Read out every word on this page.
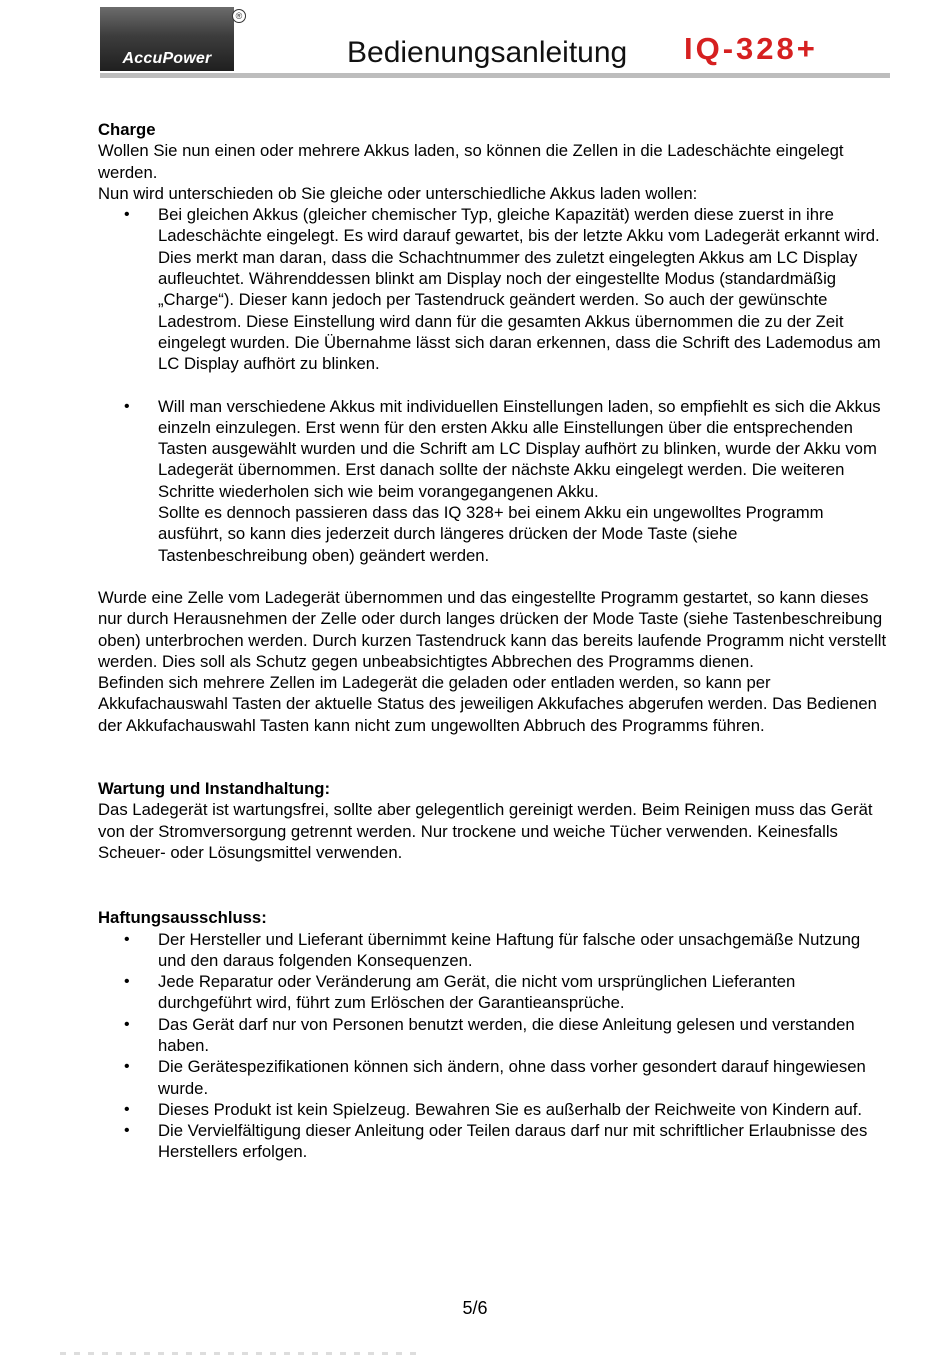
®
AccuPower	Bedienungsanleitung IQ-328+

Charge

Wollen Sie nun einen oder mehrere Akkus laden, so können die Zellen in die Ladeschächte eingelegt werden.

Nun wird unterschieden ob Sie gleiche oder unterschiedliche Akkus laden wollen:

• Bei gleichen Akkus (gleicher chemischer Typ, gleiche Kapazität) werden diese zuerst in ihre Ladeschächte eingelegt. Es wird darauf gewartet, bis der letzte Akku vom Ladegerät erkannt wird. Dies merkt man daran, dass die Schachtnummer des zuletzt eingelegten Akkus am LC Display aufleuchtet. Währenddessen blinkt am Display noch der eingestellte Modus (standardmäßig „Charge“). Dieser kann jedoch per Tastendruck geändert werden. So auch der gewünschte Ladestrom. Diese Einstellung wird dann für die gesamten Akkus übernommen die zu der Zeit eingelegt wurden. Die Übernahme lässt sich daran erkennen, dass die Schrift des Lademodus am LC Display aufhört zu blinken.
• Will man verschiedene Akkus mit individuellen Einstellungen laden, so empfiehlt es sich die Akkus einzeln einzulegen. Erst wenn für den ersten Akku alle Einstellungen über die entsprechenden Tasten ausgewählt wurden und die Schrift am LC Display aufhört zu blinken, wurde der Akku vom Ladegerät übernommen. Erst danach sollte der nächste Akku eingelegt werden. Die weiteren Schritte wiederholen sich wie beim vorangegangenen Akku.

Sollte es dennoch passieren dass das IQ 328+ bei einem Akku ein ungewolltes Programm ausführt, so kann dies jederzeit durch längeres drücken der Mode Taste (siehe Tastenbeschreibung oben) geändert werden.

Wurde eine Zelle vom Ladegerät übernommen und das eingestellte Programm gestartet, so kann dieses nur durch Herausnehmen der Zelle oder durch langes drücken der Mode Taste (siehe Tastenbeschreibung oben) unterbrochen werden. Durch kurzen Tastendruck kann das bereits laufende Programm nicht verstellt werden. Dies soll als Schutz gegen unbeabsichtigtes Abbrechen des Programms dienen.

Befinden sich mehrere Zellen im Ladegerät die geladen oder entladen werden, so kann per Akkufachauswahl Tasten der aktuelle Status des jeweiligen Akkufaches abgerufen werden. Das Bedienen der Akkufachauswahl Tasten kann nicht zum ungewollten Abbruch des Programms führen.

Wartung und Instandhaltung:

Das Ladegerät ist wartungsfrei, sollte aber gelegentlich gereinigt werden. Beim Reinigen muss das Gerät von der Stromversorgung getrennt werden. Nur trockene und weiche Tücher verwenden. Keinesfalls Scheuer- oder Lösungsmittel verwenden.

Haftungsausschluss:

• Der Hersteller und Lieferant übernimmt keine Haftung für falsche oder unsachgemäße Nutzung und den daraus folgenden Konsequenzen.
• Jede Reparatur oder Veränderung am Gerät, die nicht vom ursprünglichen Lieferanten durchgeführt wird, führt zum Erlöschen der Garantieansprüche.
• Das Gerät darf nur von Personen benutzt werden, die diese Anleitung gelesen und verstanden haben.
• Die Gerätespezifikationen können sich ändern, ohne dass vorher gesondert darauf hingewiesen wurde.
• Dieses Produkt ist kein Spielzeug. Bewahren Sie es außerhalb der Reichweite von Kindern auf.
• Die Vervielfältigung dieser Anleitung oder Teilen daraus darf nur mit schriftlicher Erlaubnisse des Herstellers erfolgen.
5/6
